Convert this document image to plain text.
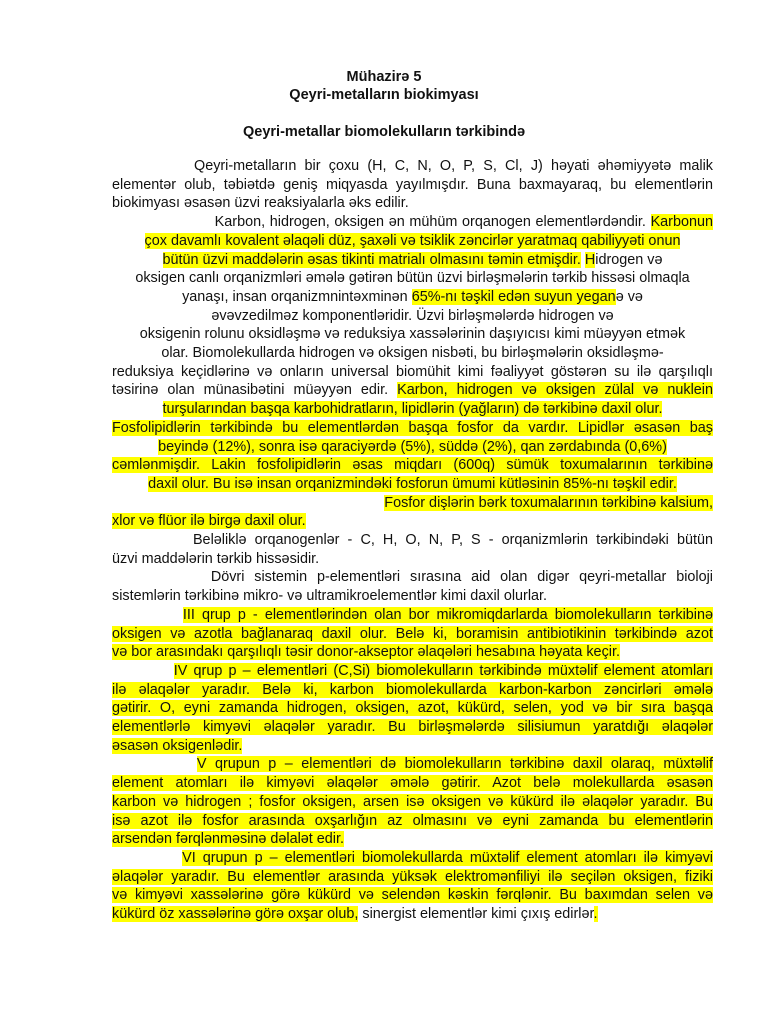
Mühazirə 5
Qeyri-metalların biokimyası
Qeyri-metallar biomolekulların tərkibində
Qeyri-metalların bir çoxu (H, C, N, O, P, S, Cl, J) həyati əhəmiyyətə malik
elementər olub, təbiətdə geniş miqyasda yayılmışdır. Buna baxmayaraq, bu elementlərin
biokimyası əsasən üzvi reaksiyalarla əks edilir.
Karbon, hidrogen, oksigen ən mühüm orqanogen elementlərdəndir. Karbonun
çox davamlı kovalent əlaqəli düz, şaxəli və tsiklik zəncirlər yaratmaq qabiliyyəti onun
bütün üzvi maddələrin əsas tikinti matrialı olmasını təmin etmişdir. Hidrogen və
oksigen canlı orqanizmləri əmələ gətirən bütün üzvi birləşmələrin tərkib hissəsi olmaqla
yanaşı, insan orqanizmnintəxminən 65%-nı təşkil edən suyun yeganə və
əvəvzedilməz komponentləridir. Üzvi birləşmələrdə hidrogen və
oksigenin rolunu oksidləşmə və reduksiya xassələrinin daşıyıcısı kimi müəyyən etmək
olar. Biomolekullarda hidrogen və oksigen nisbəti, bu birləşmələrin oksidləşmə-
reduksiya keçidlərinə və onların universal biomühit kimi fəaliyyət göstərən su ilə qarşılıqlı
təsirinə olan münasibətini müəyyən edir. Karbon, hidrogen və oksigen zülal və nuklein
turşularından başqa karbohidratların, lipidlərin (yağların) də tərkibinə daxil olur.
Fosfolipidlərin tərkibində bu elementlərdən başqa fosfor da vardır. Lipidlər əsasən baş
beyində (12%), sonra isə qaraciyərdə (5%), süddə (2%), qan zərdabında (0,6%)
cəmlənmişdir. Lakin fosfolipidlərin əsas miqdarı (600q) sümük toxumalarının tərkibinə
daxil olur. Bu isə insan orqanizmindəki fosforun ümumi kütləsinin 85%-nı təşkil edir.
Fosfor dişlərin bərk toxumalarının tərkibinə kalsium,
xlor və flüor ilə birgə daxil olur.
Beləliklə orqanogenlər - C, H, O, N, P, S - orqanizmlərin tərkibindəki bütün
üzvi maddələrin tərkib hissəsidir.
Dövri sistemin p-elementləri sırasına aid olan digər qeyri-metallar bioloji
sistemlərin tərkibinə mikro- və ultramikroelementlər kimi daxil olurlar.
III qrup p - elementlərindən olan bor mikromiqdarlarda biomolekulların tərkibinə
oksigen və azotla bağlanaraq daxil olur. Belə ki, boramisin antibiotikinin tərkibində azot
və bor arasındakı qarşılıqlı təsir donor-akseptor əlaqələri hesabına həyata keçir.
IV qrup p – elementləri (C,Si) biomolekulların tərkibində müxtəlif element atomları
ilə əlaqələr yaradır. Belə ki, karbon biomolekullarda karbon-karbon zəncirləri əmələ
gətirir. O, eyni zamanda hidrogen, oksigen, azot, kükürd, selen, yod və bir sıra başqa
elementlərlə kimyəvi əlaqələr yaradır. Bu birləşmələrdə silisiumun yaratdığı əlaqələr
əsasən oksigenlədir.
V qrupun p – elementləri də biomolekulların tərkibinə daxil olaraq, müxtəlif
element atomları ilə kimyəvi əlaqələr əmələ gətirir. Azot belə molekullarda əsasən
karbon və hidrogen ; fosfor oksigen, arsen isə oksigen və kükürd ilə əlaqələr yaradır. Bu
isə azot ilə fosfor arasında oxşarlığın az olmasını və eyni zamanda bu elementlərin
arsendən fərqlənməsinə dəlalət edir.
VI qrupun p – elementləri biomolekullarda müxtəlif element atomları ilə kimyəvi
əlaqələr yaradır. Bu elementlər arasında yüksək elektromənfiliyi ilə seçilən oksigen, fiziki
və kimyəvi xassələrinə görə kükürd və selendən kəskin fərqlənir. Bu baxımdan selen və
kükürd öz xassələrinə görə oxşar olub, sinergist elementlər kimi çıxış edirlər.
